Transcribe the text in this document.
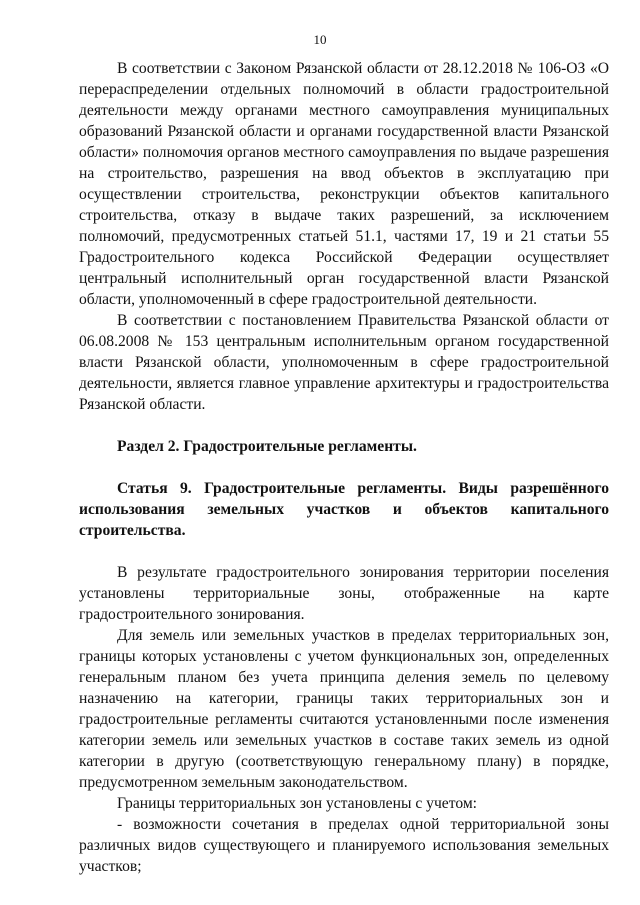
10

В соответствии с Законом Рязанской области от 28.12.2018 № 106-ОЗ «О перераспределении отдельных полномочий в области градостроительной деятельности между органами местного самоуправления муниципальных образований Рязанской области и органами государственной власти Рязанской области» полномочия органов местного самоуправления по выдаче разрешения на строительство, разрешения на ввод объектов в эксплуатацию при осуществлении строительства, реконструкции объектов капитального строительства, отказу в выдаче таких разрешений, за исключением полномочий, предусмотренных статьей 51.1, частями 17, 19 и 21 статьи 55 Градостроительного кодекса Российской Федерации осуществляет центральный исполнительный орган государственной власти Рязанской области, уполномоченный в сфере градостроительной деятельности.

В соответствии с постановлением Правительства Рязанской области от 06.08.2008 № 153 центральным исполнительным органом государственной власти Рязанской области, уполномоченным в сфере градостроительной деятельности, является главное управление архитектуры и градостроительства Рязанской области.

Раздел 2. Градостроительные регламенты.
Статья 9. Градостроительные регламенты. Виды разрешённого использования земельных участков и объектов капитального строительства.

В результате градостроительного зонирования территории поселения установлены территориальные зоны, отображенные на карте градостроительного зонирования.

Для земель или земельных участков в пределах территориальных зон, границы которых установлены с учетом функциональных зон, определенных генеральным планом без учета принципа деления земель по целевому назначению на категории, границы таких территориальных зон и градостроительные регламенты считаются установленными после изменения категории земель или земельных участков в составе таких земель из одной категории в другую (соответствующую генеральному плану) в порядке, предусмотренном земельным законодательством.

Границы территориальных зон установлены с учетом:

- возможности сочетания в пределах одной территориальной зоны различных видов существующего и планируемого использования земельных участков;
